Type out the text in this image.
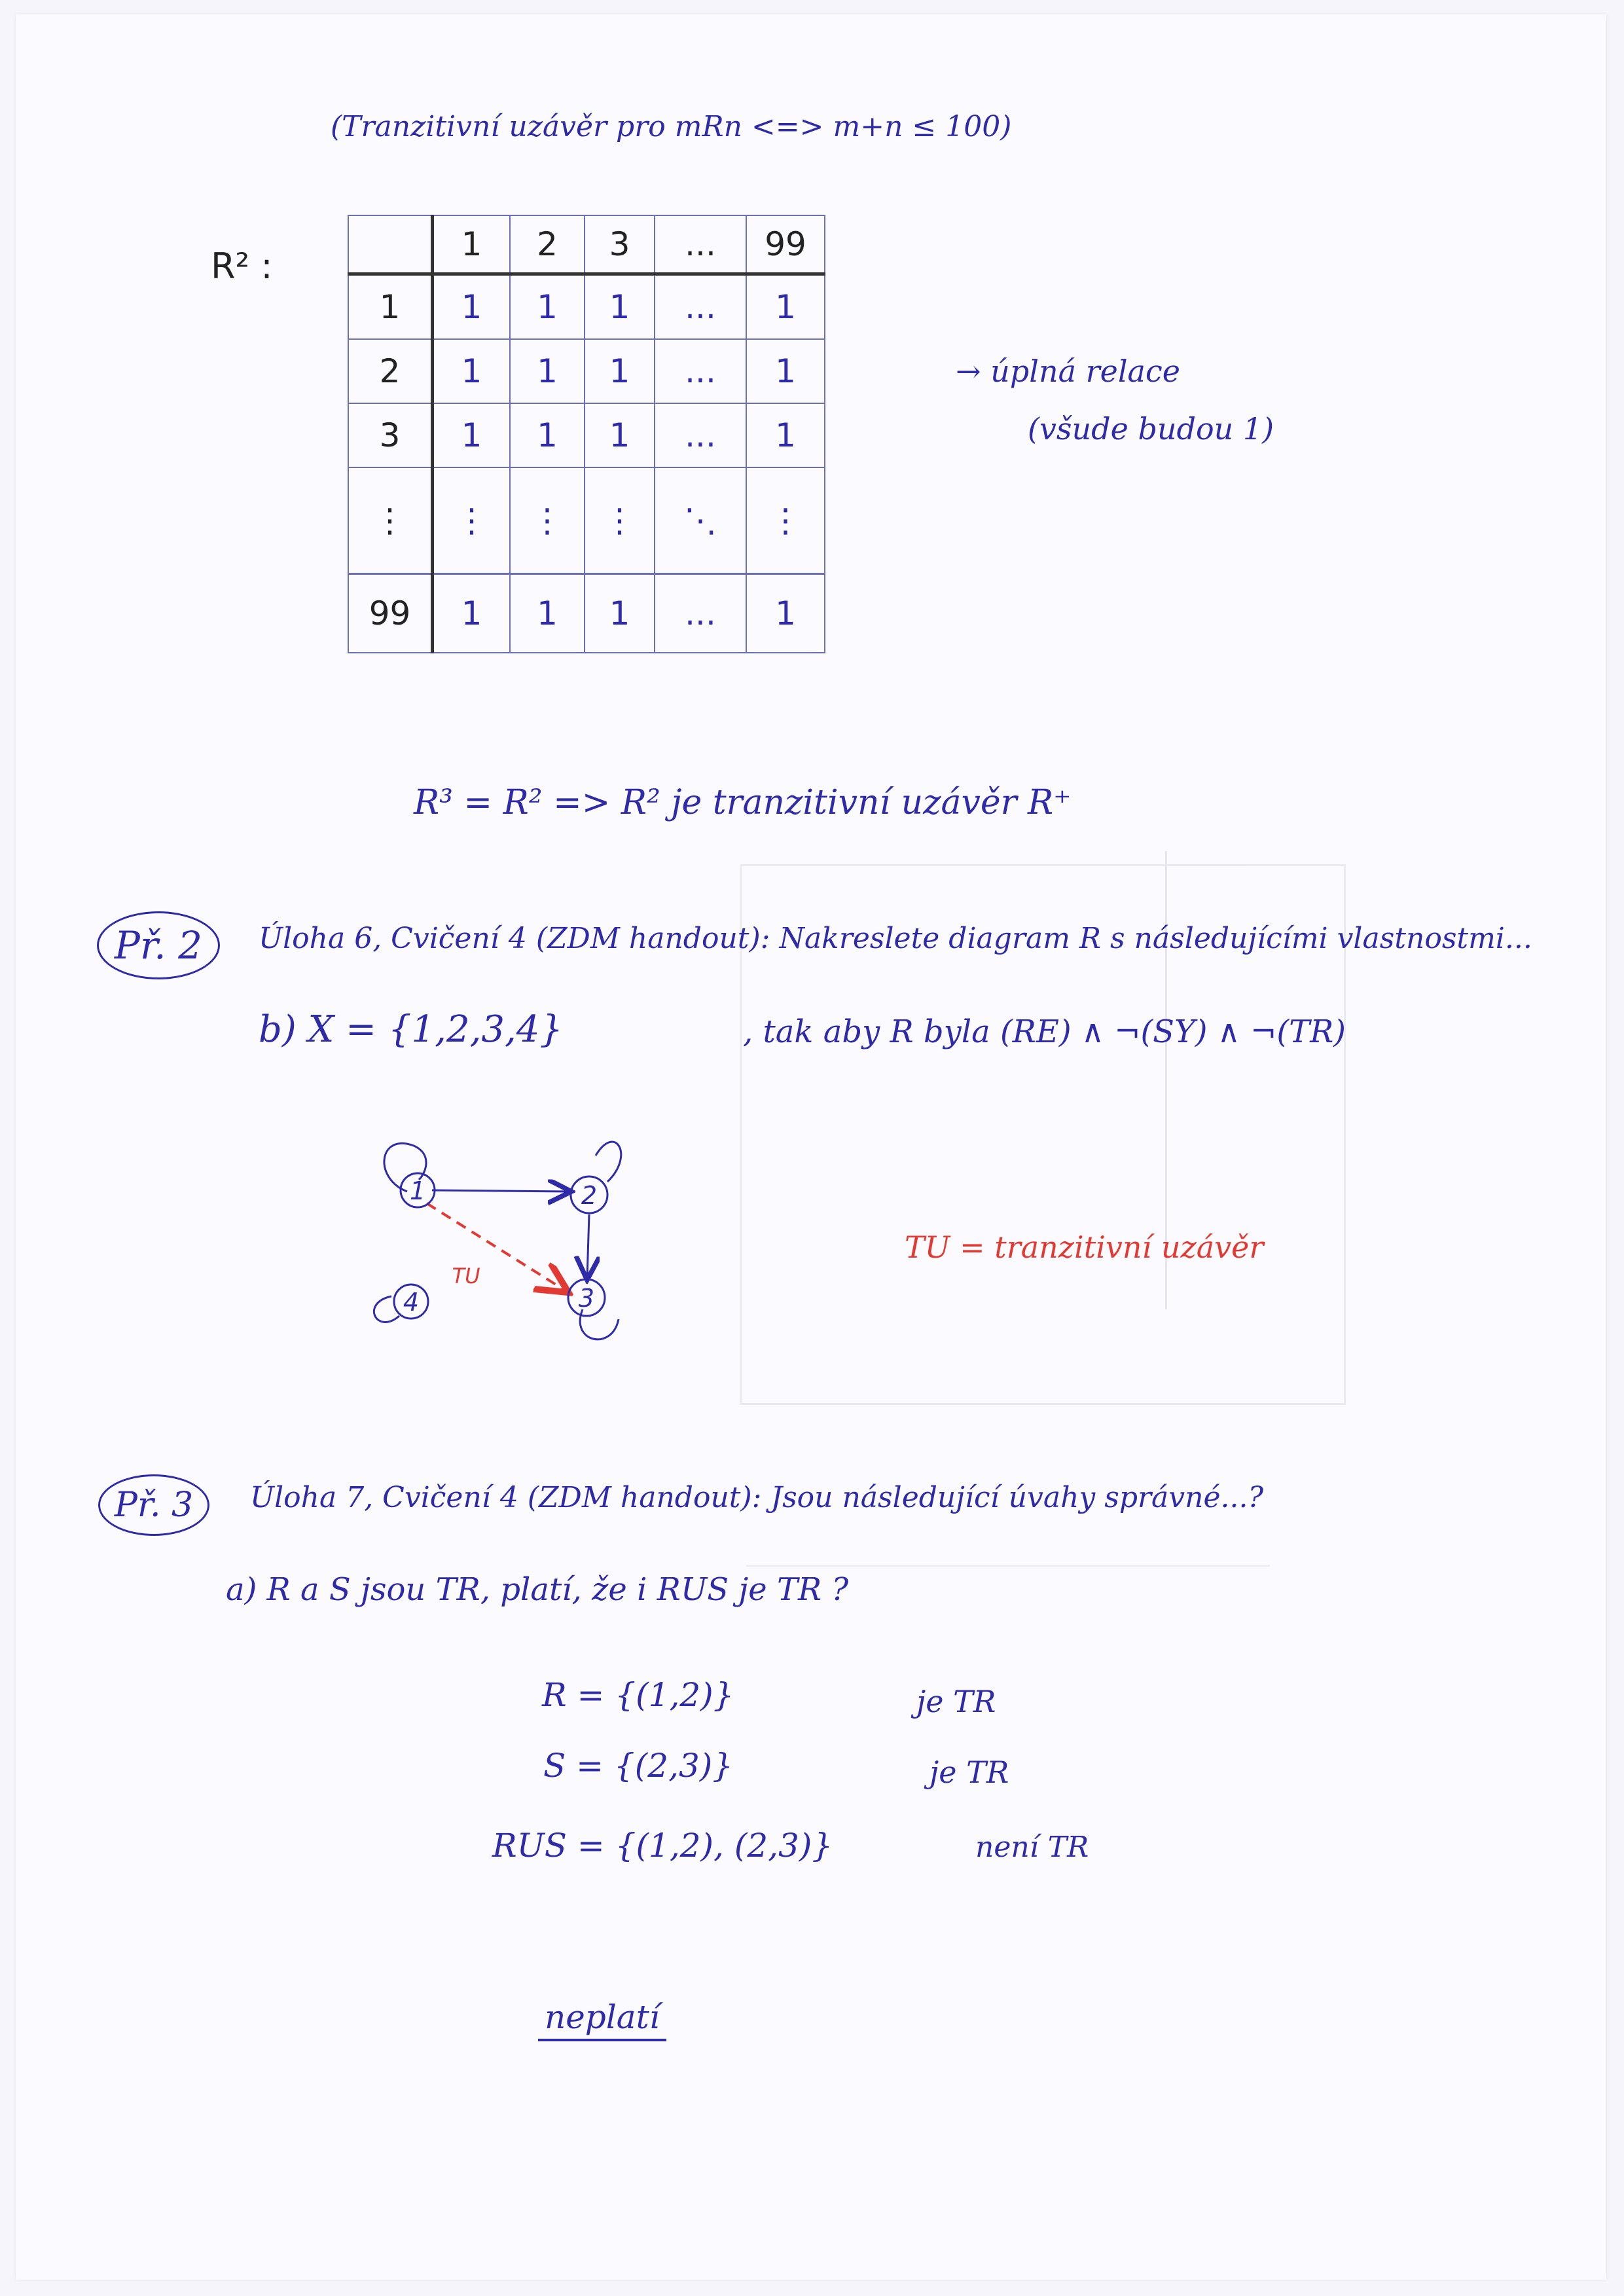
(Tranzitivní uzávěr pro mRn <=> m+n ≤ 100)
R² :
	1	2	3	...	99
1	1	1	1	...	1
2	1	1	1	...	1
3	1	1	1	...	1
⋮	⋮	⋮	⋮	⋱	⋮
99	1	1	1	...	1
→ úplná relace
(všude budou 1)
R³ = R² => R² je tranzitivní uzávěr R⁺
Př. 2 Úloha 6, Cvičení 4 (ZDM handout): Nakreslete diagram R s následujícími vlastnostmi...
b) X = {1,2,3,4}	, tak aby R byla (RE) ∧ ¬(SY) ∧ ¬(TR)
1	2
3
4
TU
TU = tranzitivní uzávěr
Př. 3 Úloha 7, Cvičení 4 (ZDM handout): Jsou následující úvahy správné...?
a) R a S jsou TR, platí, že i RUS je TR ?
R = {(1,2)}	je TR
S = {(2,3)}	je TR
RUS = {(1,2), (2,3)}	není TR
neplatí
